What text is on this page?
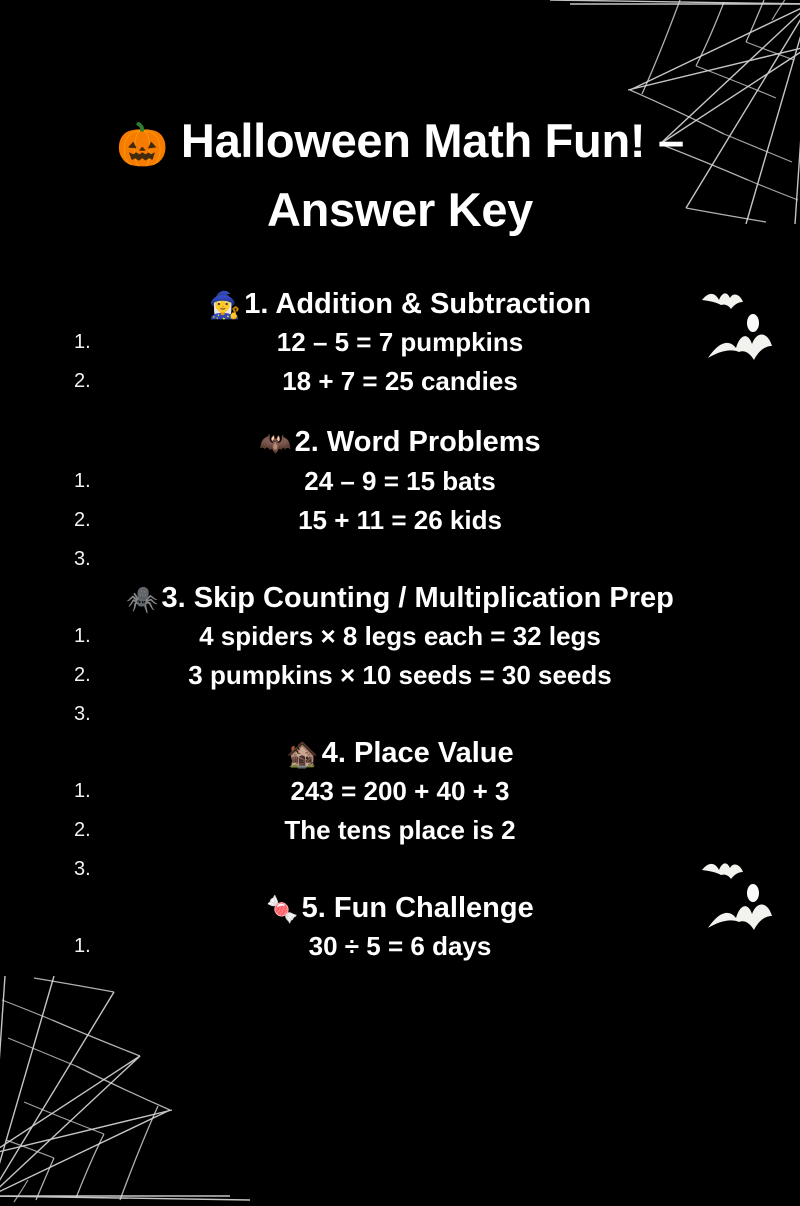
🎃 Halloween Math Fun! – Answer Key
🧙‍♀️ 1. Addition & Subtraction
1.	12 – 5 = 7 pumpkins
2.	18 + 7 = 25 candies
🦇 2. Word Problems
1.	24 – 9 = 15 bats
2.	15 + 11 = 26 kids
3.
🕷️ 3. Skip Counting / Multiplication Prep
1.	4 spiders × 8 legs each = 32 legs
2.	3 pumpkins × 10 seeds = 30 seeds
3.
🏚️ 4. Place Value
1.	243 = 200 + 40 + 3
2.	The tens place is 2
3.
🍬 5. Fun Challenge
1.	30 ÷ 5 = 6 days
